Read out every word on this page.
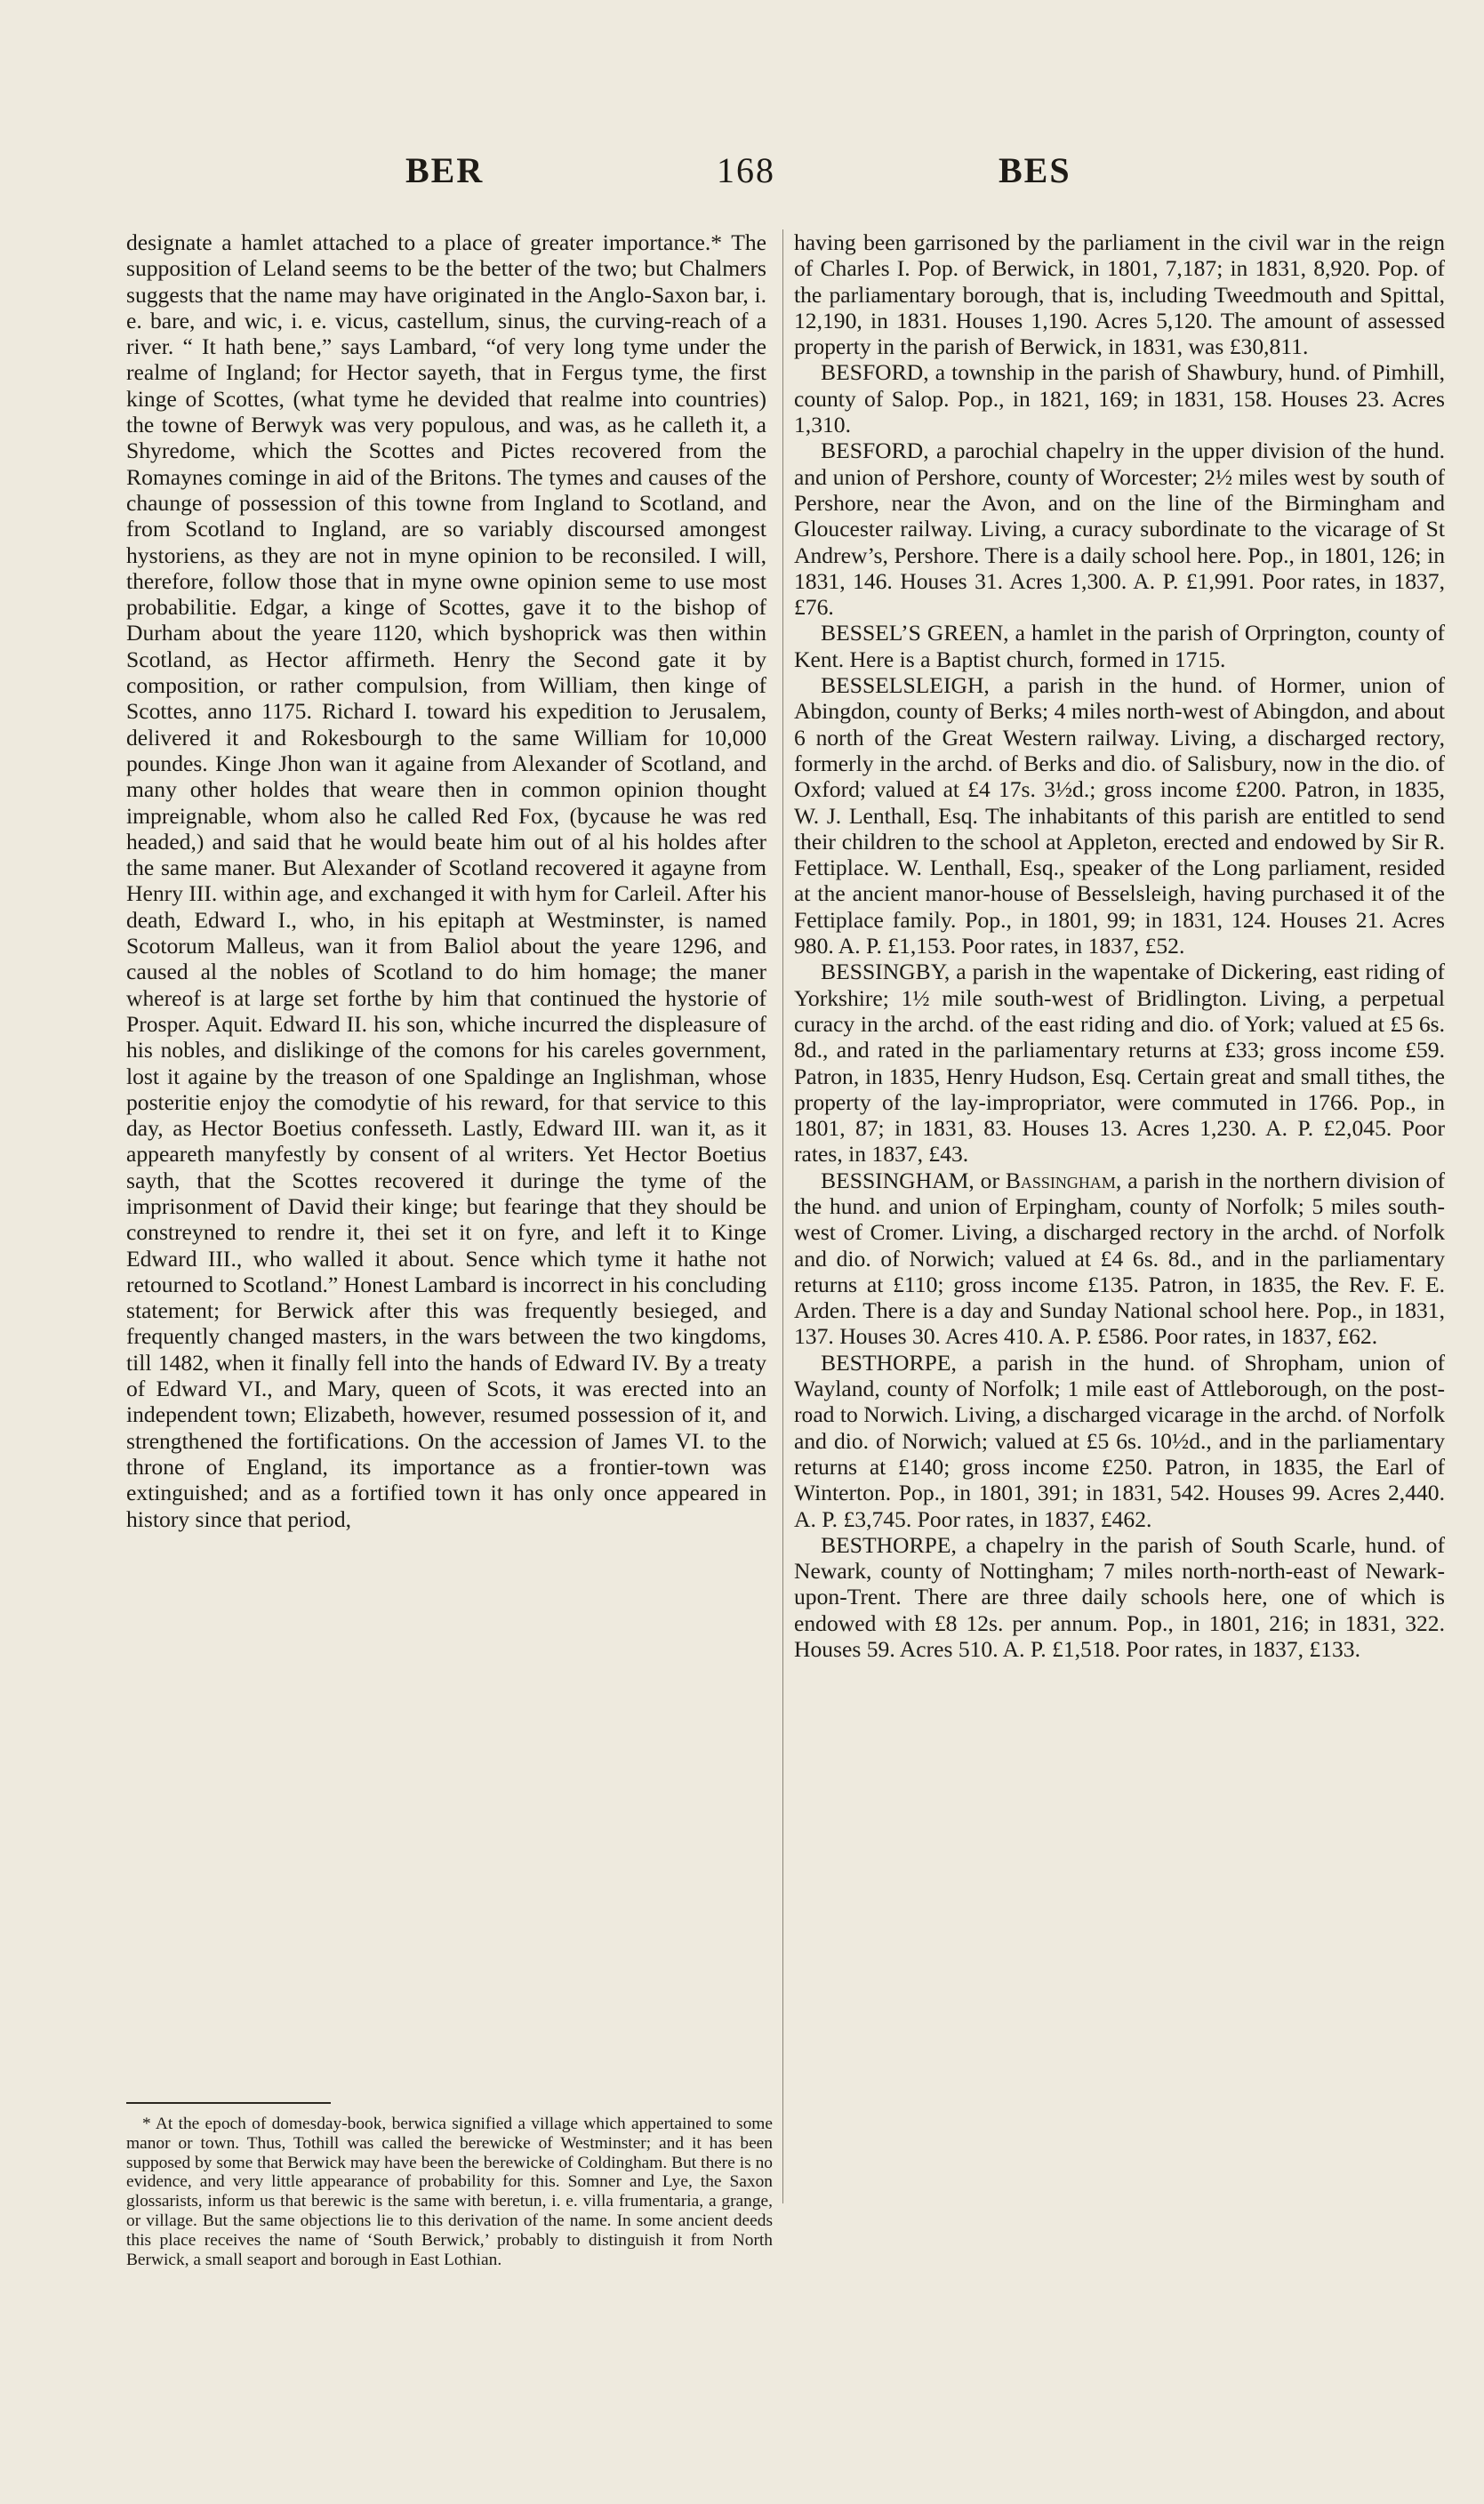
BER	168	BES

designate a hamlet attached to a place of greater importance.* The supposition of Leland seems to be the better of the two; but Chalmers suggests that the name may have originated in the Anglo-Saxon bar, i. e. bare, and wic, i. e. vicus, castellum, sinus, the curving-reach of a river. “ It hath bene,” says Lambard, “of very long tyme under the realme of Ingland; for Hector sayeth, that in Fergus tyme, the first kinge of Scottes, (what tyme he devided that realme into countries) the towne of Berwyk was very populous, and was, as he calleth it, a Shyredome, which the Scottes and Pictes recovered from the Romaynes cominge in aid of the Britons. The tymes and causes of the chaunge of possession of this towne from Ingland to Scotland, and from Scotland to Ingland, are so variably discoursed amongest hystoriens, as they are not in myne opinion to be reconsiled. I will, therefore, follow those that in myne owne opinion seme to use most probabilitie. Edgar, a kinge of Scottes, gave it to the bishop of Durham about the yeare 1120, which byshoprick was then within Scotland, as Hector affirmeth. Henry the Second gate it by composition, or rather compulsion, from William, then kinge of Scottes, anno 1175. Richard I. toward his expedition to Jerusalem, delivered it and Rokesbourgh to the same William for 10,000 poundes. Kinge Jhon wan it againe from Alexander of Scotland, and many other holdes that weare then in common opinion thought impreignable, whom also he called Red Fox, (bycause he was red headed,) and said that he would beate him out of al his holdes after the same maner. But Alexander of Scotland recovered it agayne from Henry III. within age, and exchanged it with hym for Carleil. After his death, Edward I., who, in his epitaph at Westminster, is named Scotorum Malleus, wan it from Baliol about the yeare 1296, and caused al the nobles of Scotland to do him homage; the maner whereof is at large set forthe by him that continued the hystorie of Prosper. Aquit. Edward II. his son, whiche incurred the displeasure of his nobles, and dislikinge of the comons for his careles government, lost it againe by the treason of one Spaldinge an Inglishman, whose posteritie enjoy the comodytie of his reward, for that service to this day, as Hector Boetius confesseth. Lastly, Edward III. wan it, as it appeareth manyfestly by consent of al writers. Yet Hector Boetius sayth, that the Scottes recovered it duringe the tyme of the imprisonment of David their kinge; but fearinge that they should be constreyned to rendre it, thei set it on fyre, and left it to Kinge Edward III., who walled it about. Sence which tyme it hathe not retourned to Scotland.” Honest Lambard is incorrect in his concluding statement; for Berwick after this was frequently besieged, and frequently changed masters, in the wars between the two kingdoms, till 1482, when it finally fell into the hands of Edward IV. By a treaty of Edward VI., and Mary, queen of Scots, it was erected into an independent town; Elizabeth, however, resumed possession of it, and strengthened the fortifications. On the accession of James VI. to the throne of England, its importance as a frontier-town was extinguished; and as a fortified town it has only once appeared in history since that period,

* At the epoch of domesday-book, berwica signified a village which appertained to some manor or town. Thus, Tothill was called the berewicke of Westminster; and it has been supposed by some that Berwick may have been the berewicke of Coldingham. But there is no evidence, and very little appearance of probability for this. Somner and Lye, the Saxon glossarists, inform us that berewic is the same with beretun, i. e. villa frumentaria, a grange, or village. But the same objections lie to this derivation of the name. In some ancient deeds this place receives the name of ‘South Berwick,’ probably to distinguish it from North Berwick, a small seaport and borough in East Lothian.

having been garrisoned by the parliament in the civil war in the reign of Charles I. Pop. of Berwick, in 1801, 7,187; in 1831, 8,920. Pop. of the parliamentary borough, that is, including Tweedmouth and Spittal, 12,190, in 1831. Houses 1,190. Acres 5,120. The amount of assessed property in the parish of Berwick, in 1831, was £30,811.

BESFORD, a township in the parish of Shawbury, hund. of Pimhill, county of Salop. Pop., in 1821, 169; in 1831, 158. Houses 23. Acres 1,310.

BESFORD, a parochial chapelry in the upper division of the hund. and union of Pershore, county of Worcester; 2½ miles west by south of Pershore, near the Avon, and on the line of the Birmingham and Gloucester railway. Living, a curacy subordinate to the vicarage of St Andrew’s, Pershore. There is a daily school here. Pop., in 1801, 126; in 1831, 146. Houses 31. Acres 1,300. A. P. £1,991. Poor rates, in 1837, £76.

BESSEL’S GREEN, a hamlet in the parish of Orprington, county of Kent. Here is a Baptist church, formed in 1715.

BESSELSLEIGH, a parish in the hund. of Hormer, union of Abingdon, county of Berks; 4 miles north-west of Abingdon, and about 6 north of the Great Western railway. Living, a discharged rectory, formerly in the archd. of Berks and dio. of Salisbury, now in the dio. of Oxford; valued at £4 17s. 3½d.; gross income £200. Patron, in 1835, W. J. Lenthall, Esq. The inhabitants of this parish are entitled to send their children to the school at Appleton, erected and endowed by Sir R. Fettiplace. W. Lenthall, Esq., speaker of the Long parliament, resided at the ancient manor-house of Besselsleigh, having purchased it of the Fettiplace family. Pop., in 1801, 99; in 1831, 124. Houses 21. Acres 980. A. P. £1,153. Poor rates, in 1837, £52.

BESSINGBY, a parish in the wapentake of Dickering, east riding of Yorkshire; 1½ mile south-west of Bridlington. Living, a perpetual curacy in the archd. of the east riding and dio. of York; valued at £5 6s. 8d., and rated in the parliamentary returns at £33; gross income £59. Patron, in 1835, Henry Hudson, Esq. Certain great and small tithes, the property of the lay-impropriator, were commuted in 1766. Pop., in 1801, 87; in 1831, 83. Houses 13. Acres 1,230. A. P. £2,045. Poor rates, in 1837, £43.

BESSINGHAM, or Bassingham, a parish in the northern division of the hund. and union of Erpingham, county of Norfolk; 5 miles south-west of Cromer. Living, a discharged rectory in the archd. of Norfolk and dio. of Norwich; valued at £4 6s. 8d., and in the parliamentary returns at £110; gross income £135. Patron, in 1835, the Rev. F. E. Arden. There is a day and Sunday National school here. Pop., in 1831, 137. Houses 30. Acres 410. A. P. £586. Poor rates, in 1837, £62.

BESTHORPE, a parish in the hund. of Shropham, union of Wayland, county of Norfolk; 1 mile east of Attleborough, on the post-road to Norwich. Living, a discharged vicarage in the archd. of Norfolk and dio. of Norwich; valued at £5 6s. 10½d., and in the parliamentary returns at £140; gross income £250. Patron, in 1835, the Earl of Winterton. Pop., in 1801, 391; in 1831, 542. Houses 99. Acres 2,440. A. P. £3,745. Poor rates, in 1837, £462.

BESTHORPE, a chapelry in the parish of South Scarle, hund. of Newark, county of Nottingham; 7 miles north-north-east of Newark-upon-Trent. There are three daily schools here, one of which is endowed with £8 12s. per annum. Pop., in 1801, 216; in 1831, 322. Houses 59. Acres 510. A. P. £1,518. Poor rates, in 1837, £133.
